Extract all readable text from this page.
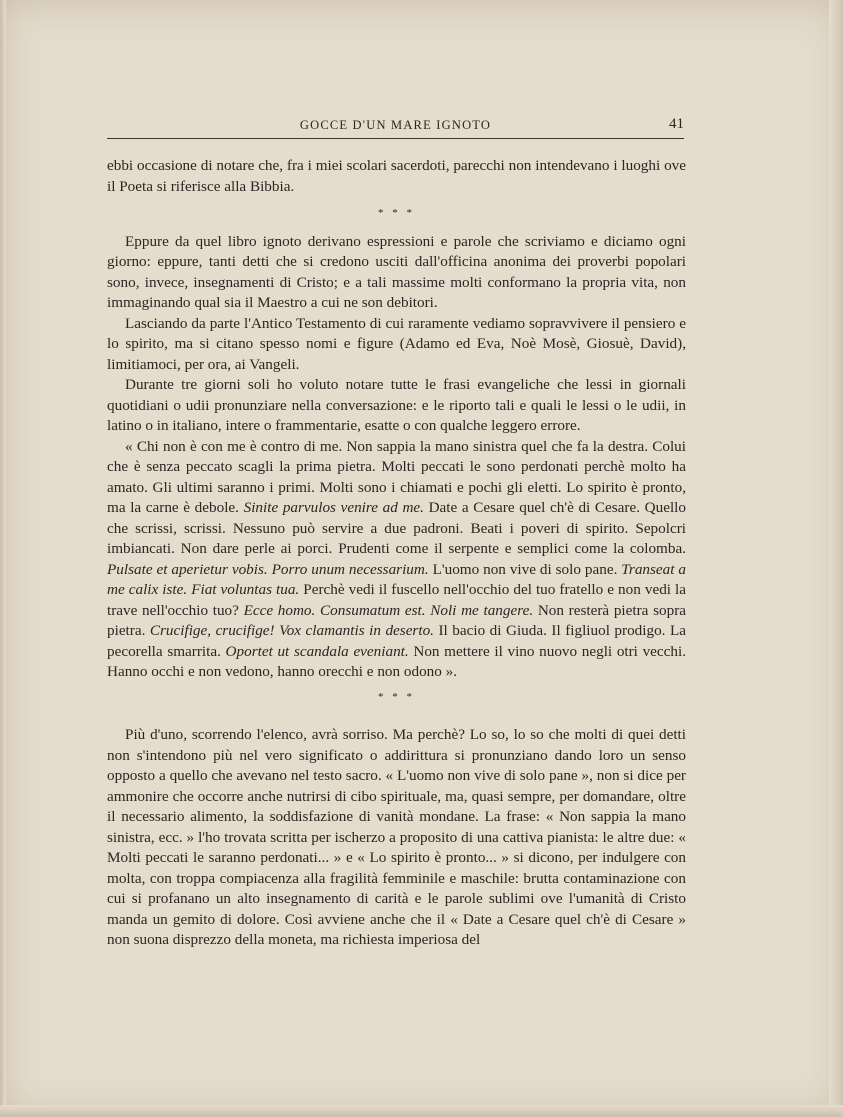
GOCCE D'UN MARE IGNOTO	41

ebbi occasione di notare che, fra i miei scolari sacerdoti, parecchi non intendevano i luoghi ove il Poeta si riferisce alla Bibbia.

* * *

Eppure da quel libro ignoto derivano espressioni e parole che scriviamo e diciamo ogni giorno: eppure, tanti detti che si credono usciti dall'officina anonima dei proverbi popolari sono, invece, insegnamenti di Cristo; e a tali massime molti conformano la propria vita, non immaginando qual sia il Maestro a cui ne son debitori.

Lasciando da parte l'Antico Testamento di cui raramente vediamo sopravvivere il pensiero e lo spirito, ma si citano spesso nomi e figure (Adamo ed Eva, Noè Mosè, Giosuè, David), limitiamoci, per ora, ai Vangeli.

Durante tre giorni soli ho voluto notare tutte le frasi evangeliche che lessi in giornali quotidiani o udii pronunziare nella conversazione: e le riporto tali e quali le lessi o le udii, in latino o in italiano, intere o frammentarie, esatte o con qualche leggero errore.

« Chi non è con me è contro di me. Non sappia la mano sinistra quel che fa la destra. Colui che è senza peccato scagli la prima pietra. Molti peccati le sono perdonati perchè molto ha amato. Gli ultimi saranno i primi. Molti sono i chiamati e pochi gli eletti. Lo spirito è pronto, ma la carne è debole. Sinite parvulos venire ad me. Date a Cesare quel ch'è di Cesare. Quello che scrissi, scrissi. Nessuno può servire a due padroni. Beati i poveri di spirito. Sepolcri imbiancati. Non dare perle ai porci. Prudenti come il serpente e semplici come la colomba. Pulsate et aperietur vobis. Porro unum necessarium. L'uomo non vive di solo pane. Transeat a me calix iste. Fiat voluntas tua. Perchè vedi il fuscello nell'occhio del tuo fratello e non vedi la trave nell'occhio tuo? Ecce homo. Consumatum est. Noli me tangere. Non resterà pietra sopra pietra. Crucifige, crucifige! Vox clamantis in deserto. Il bacio di Giuda. Il figliuol prodigo. La pecorella smarrita. Oportet ut scandala eveniant. Non mettere il vino nuovo negli otri vecchi. Hanno occhi e non vedono, hanno orecchi e non odono ».

* * *

Più d'uno, scorrendo l'elenco, avrà sorriso. Ma perchè? Lo so, lo so che molti di quei detti non s'intendono più nel vero significato o addirittura si pronunziano dando loro un senso opposto a quello che avevano nel testo sacro. « L'uomo non vive di solo pane », non si dice per ammonire che occorre anche nutrirsi di cibo spirituale, ma, quasi sempre, per domandare, oltre il necessario alimento, la soddisfazione di vanità mondane. La frase: « Non sappia la mano sinistra, ecc. » l'ho trovata scritta per ischerzo a proposito di una cattiva pianista: le altre due: « Molti peccati le saranno perdonati... » e « Lo spirito è pronto... » si dicono, per indulgere con molta, con troppa compiacenza alla fragilità femminile e maschile: brutta contaminazione con cui si profanano un alto insegnamento di carità e le parole sublimi ove l'umanità di Cristo manda un gemito di dolore. Così avviene anche che il « Date a Cesare quel ch'è di Cesare » non suona disprezzo della moneta, ma richiesta imperiosa del
